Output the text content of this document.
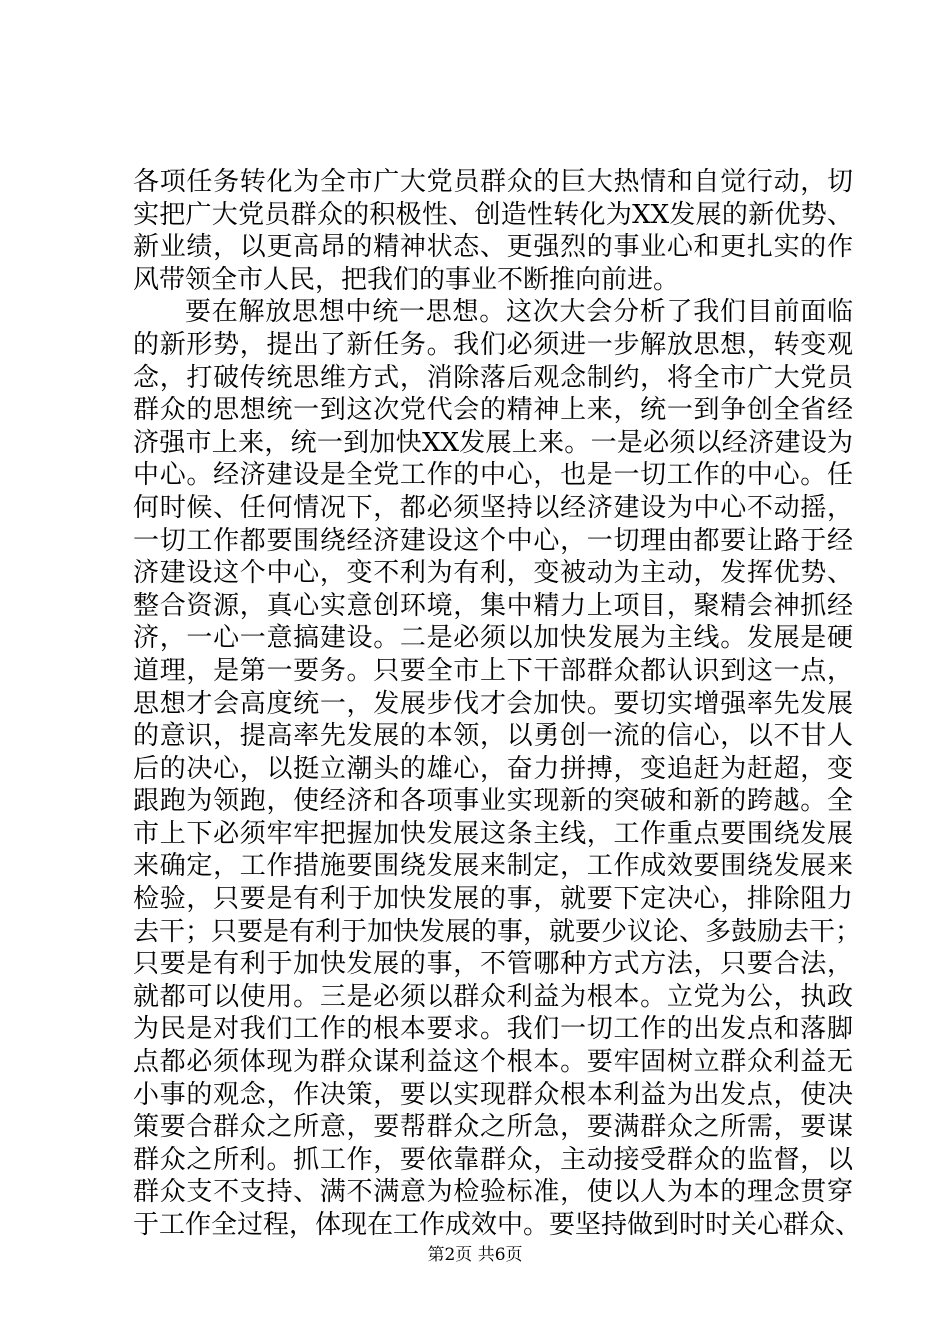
各项任务转化为全市广大党员群众的巨大热情和自觉行动，切
实把广大党员群众的积极性、创造性转化为XX发展的新优势、
新业绩，以更高昂的精神状态、更强烈的事业心和更扎实的作
风带领全市人民，把我们的事业不断推向前进。
要在解放思想中统一思想。这次大会分析了我们目前面临
的新形势，提出了新任务。我们必须进一步解放思想，转变观
念，打破传统思维方式，消除落后观念制约，将全市广大党员
群众的思想统一到这次党代会的精神上来，统一到争创全省经
济强市上来，统一到加快XX发展上来。一是必须以经济建设为
中心。经济建设是全党工作的中心，也是一切工作的中心。任
何时候、任何情况下，都必须坚持以经济建设为中心不动摇，
一切工作都要围绕经济建设这个中心，一切理由都要让路于经
济建设这个中心，变不利为有利，变被动为主动，发挥优势、
整合资源，真心实意创环境，集中精力上项目，聚精会神抓经
济，一心一意搞建设。二是必须以加快发展为主线。发展是硬
道理，是第一要务。只要全市上下干部群众都认识到这一点，
思想才会高度统一，发展步伐才会加快。要切实增强率先发展
的意识，提高率先发展的本领，以勇创一流的信心，以不甘人
后的决心，以挺立潮头的雄心，奋力拼搏，变追赶为赶超，变
跟跑为领跑，使经济和各项事业实现新的突破和新的跨越。全
市上下必须牢牢把握加快发展这条主线，工作重点要围绕发展
来确定，工作措施要围绕发展来制定，工作成效要围绕发展来
检验，只要是有利于加快发展的事，就要下定决心，排除阻力
去干；只要是有利于加快发展的事，就要少议论、多鼓励去干；
只要是有利于加快发展的事，不管哪种方式方法，只要合法，
就都可以使用。三是必须以群众利益为根本。立党为公，执政
为民是对我们工作的根本要求。我们一切工作的出发点和落脚
点都必须体现为群众谋利益这个根本。要牢固树立群众利益无
小事的观念，作决策，要以实现群众根本利益为出发点，使决
策要合群众之所意，要帮群众之所急，要满群众之所需，要谋
群众之所利。抓工作，要依靠群众，主动接受群众的监督，以
群众支不支持、满不满意为检验标准，使以人为本的理念贯穿
于工作全过程，体现在工作成效中。要坚持做到时时关心群众、
第2页 共6页
